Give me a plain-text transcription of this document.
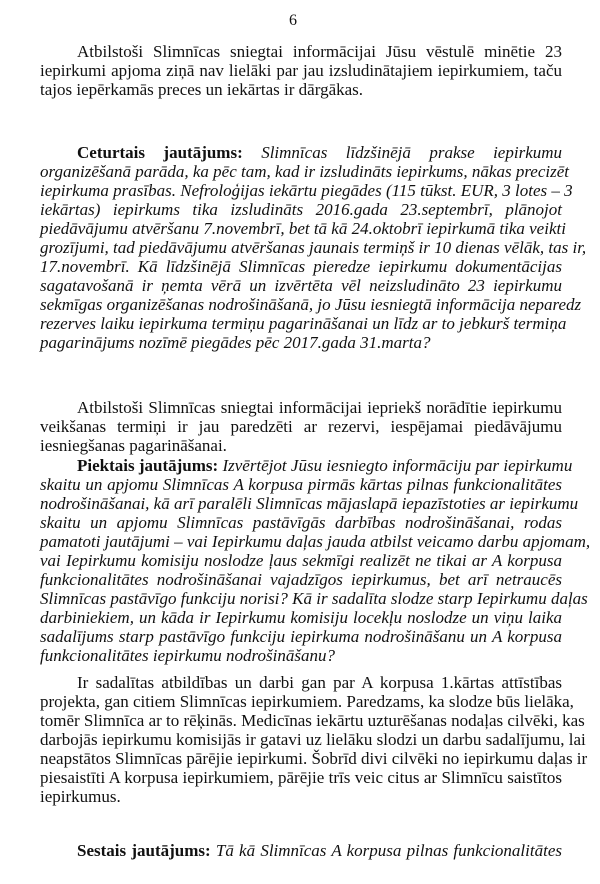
6
Atbilstoši Slimnīcas sniegtai informācijai Jūsu vēstulē minētie 23
iepirkumi apjoma ziņā nav lielāki par jau izsludinātajiem iepirkumiem, taču
tajos iepērkamās preces un iekārtas ir dārgākas.
Ceturtais jautājums: Slimnīcas līdzšinējā prakse iepirkumu
organizēšanā parāda, ka pēc tam, kad ir izsludināts iepirkums, nākas precizēt
iepirkuma prasības. Nefroloģijas iekārtu piegādes (115 tūkst. EUR, 3 lotes – 3
iekārtas) iepirkums tika izsludināts 2016.gada 23.septembrī, plānojot
piedāvājumu atvēršanu 7.novembrī, bet tā kā 24.oktobrī iepirkumā tika veikti
grozījumi, tad piedāvājumu atvēršanas jaunais termiņš ir 10 dienas vēlāk, tas ir,
17.novembrī. Kā līdzšinējā Slimnīcas pieredze iepirkumu dokumentācijas
sagatavošanā ir ņemta vērā un izvērtēta vēl neizsludināto 23 iepirkumu
sekmīgas organizēšanas nodrošināšanā, jo Jūsu iesniegtā informācija neparedz
rezerves laiku iepirkuma termiņu pagarināšanai un līdz ar to jebkurš termiņa
pagarinājums nozīmē piegādes pēc 2017.gada 31.marta?
Atbilstoši Slimnīcas sniegtai informācijai iepriekš norādītie iepirkumu
veikšanas termiņi ir jau paredzēti ar rezervi, iespējamai piedāvājumu
iesniegšanas pagarināšanai.
Piektais jautājums: Izvērtējot Jūsu iesniegto informāciju par iepirkumu
skaitu un apjomu Slimnīcas A korpusa pirmās kārtas pilnas funkcionalitātes
nodrošināšanai, kā arī paralēli Slimnīcas mājaslapā iepazīstoties ar iepirkumu
skaitu un apjomu Slimnīcas pastāvīgās darbības nodrošināšanai, rodas
pamatoti jautājumi – vai Iepirkumu daļas jauda atbilst veicamo darbu apjomam,
vai Iepirkumu komisiju noslodze ļaus sekmīgi realizēt ne tikai ar A korpusa
funkcionalitātes nodrošināšanai vajadzīgos iepirkumus, bet arī netraucēs
Slimnīcas pastāvīgo funkciju norisi? Kā ir sadalīta slodze starp Iepirkumu daļas
darbiniekiem, un kāda ir Iepirkumu komisiju locekļu noslodze un viņu laika
sadalījums starp pastāvīgo funkciju iepirkuma nodrošināšanu un A korpusa
funkcionalitātes iepirkumu nodrošināšanu?
Ir sadalītas atbildības un darbi gan par A korpusa 1.kārtas attīstības
projekta, gan citiem Slimnīcas iepirkumiem. Paredzams, ka slodze būs lielāka,
tomēr Slimnīca ar to rēķinās. Medicīnas iekārtu uzturēšanas nodaļas cilvēki, kas
darbojās iepirkumu komisijās ir gatavi uz lielāku slodzi un darbu sadalījumu, lai
neapstātos Slimnīcas pārējie iepirkumi. Šobrīd divi cilvēki no iepirkumu daļas ir
piesaistīti A korpusa iepirkumiem, pārējie trīs veic citus ar Slimnīcu saistītos
iepirkumus.
Sestais jautājums: Tā kā Slimnīcas A korpusa pilnas funkcionalitātes
